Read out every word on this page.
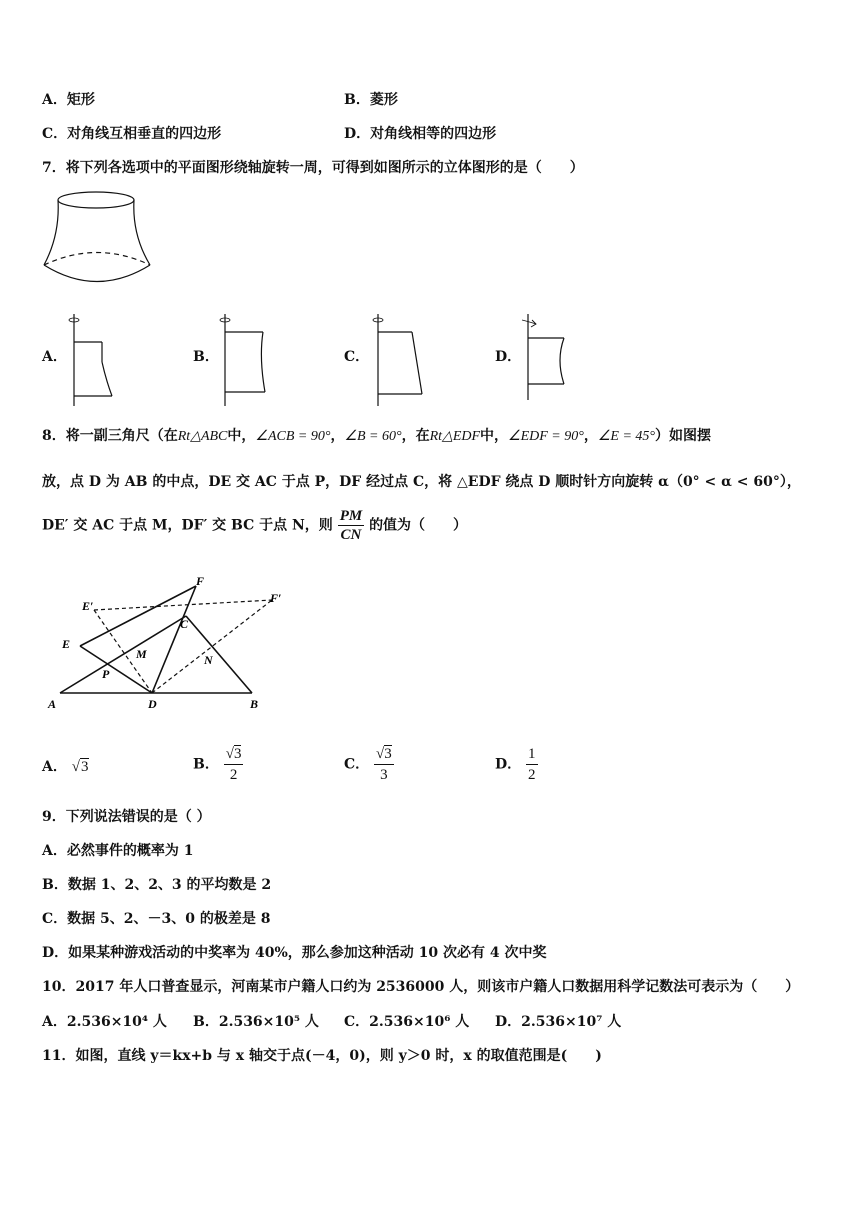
A．矩形	B．菱形
C．对角线互相垂直的四边形	D．对角线相等的四边形
7．将下列各选项中的平面图形绕轴旋转一周，可得到如图所示的立体图形的是（　　）
A．	B．	C．	D．
8．将一副三角尺（在Rt△ABC中，∠ACB = 90°，∠B = 60°，在Rt△EDF中，∠EDF = 90°，∠E = 45°）如图摆
放，点 D 为 AB 的中点，DE 交 AC 于点 P，DF 经过点 C，将 △EDF 绕点 D 顺时针方向旋转 α（0° < α < 60°），
DE′ 交 AC 于点 M，DF′ 交 BC 于点 N，则 $\frac{PM}{CN}$ 的值为（　　）
F
E′
F′
C
E
M	N
P
A	D	B
A． √3	B． $\frac{√3}{2}$	C． $\frac{√3}{3}$	D． $\frac{1}{2}$
9．下列说法错误的是（ ）
A．必然事件的概率为 1
B．数据 1、2、2、3 的平均数是 2
C．数据 5、2、－3、0 的极差是 8
D．如果某种游戏活动的中奖率为 40%，那么参加这种活动 10 次必有 4 次中奖
10．2017 年人口普查显示，河南某市户籍人口约为 2536000 人，则该市户籍人口数据用科学记数法可表示为（　　）
A．2.536×10⁴ 人 B．2.536×10⁵ 人 C．2.536×10⁶ 人 D．2.536×10⁷ 人
11．如图，直线 y＝kx+b 与 x 轴交于点(－4，0)，则 y＞0 时，x 的取值范围是(　　)
